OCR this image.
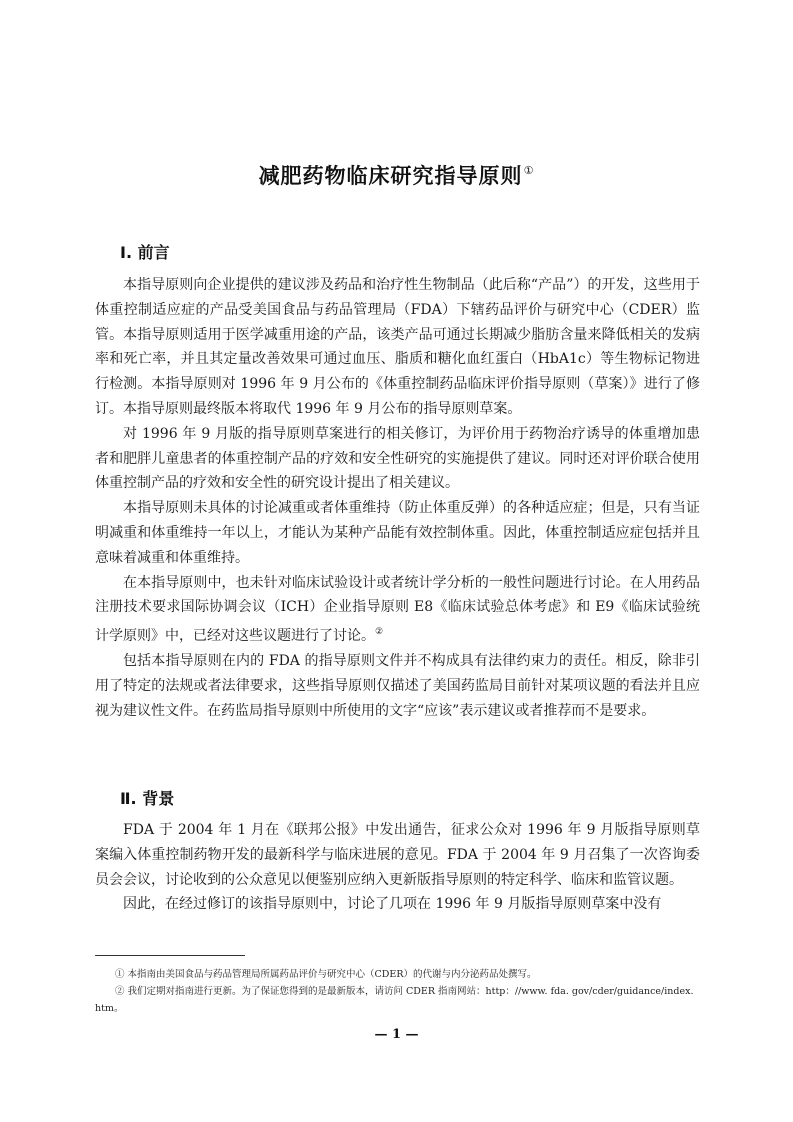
减肥药物临床研究指导原则①
Ⅰ. 前言

本指导原则向企业提供的建议涉及药品和治疗性生物制品（此后称“产品”）的开发，这些用于体重控制适应症的产品受美国食品与药品管理局（FDA）下辖药品评价与研究中心（CDER）监管。本指导原则适用于医学减重用途的产品，该类产品可通过长期减少脂肪含量来降低相关的发病率和死亡率，并且其定量改善效果可通过血压、脂质和糖化血红蛋白（HbA1c）等生物标记物进行检测。本指导原则对 1996 年 9 月公布的《体重控制药品临床评价指导原则（草案）》进行了修订。本指导原则最终版本将取代 1996 年 9 月公布的指导原则草案。

对 1996 年 9 月版的指导原则草案进行的相关修订，为评价用于药物治疗诱导的体重增加患者和肥胖儿童患者的体重控制产品的疗效和安全性研究的实施提供了建议。同时还对评价联合使用体重控制产品的疗效和安全性的研究设计提出了相关建议。

本指导原则未具体的讨论减重或者体重维持（防止体重反弹）的各种适应症；但是，只有当证明减重和体重维持一年以上，才能认为某种产品能有效控制体重。因此，体重控制适应症包括并且意味着减重和体重维持。

在本指导原则中，也未针对临床试验设计或者统计学分析的一般性问题进行讨论。在人用药品注册技术要求国际协调会议（ICH）企业指导原则 E8《临床试验总体考虑》和 E9《临床试验统计学原则》中，已经对这些议题进行了讨论。②

包括本指导原则在内的 FDA 的指导原则文件并不构成具有法律约束力的责任。相反，除非引用了特定的法规或者法律要求，这些指导原则仅描述了美国药监局目前针对某项议题的看法并且应视为建议性文件。在药监局指导原则中所使用的文字“应该”表示建议或者推荐而不是要求。

Ⅱ. 背景

FDA 于 2004 年 1 月在《联邦公报》中发出通告，征求公众对 1996 年 9 月版指导原则草案编入体重控制药物开发的最新科学与临床进展的意见。FDA 于 2004 年 9 月召集了一次咨询委员会会议，讨论收到的公众意见以便鉴别应纳入更新版指导原则的特定科学、临床和监管议题。

因此，在经过修订的该指导原则中，讨论了几项在 1996 年 9 月版指导原则草案中没有

① 本指南由美国食品与药品管理局所属药品评价与研究中心（CDER）的代谢与内分泌药品处撰写。

② 我们定期对指南进行更新。为了保证您得到的是最新版本，请访问 CDER 指南网站：http：//www. fda. gov/cder/guidance/index. htm。

— 1 —
